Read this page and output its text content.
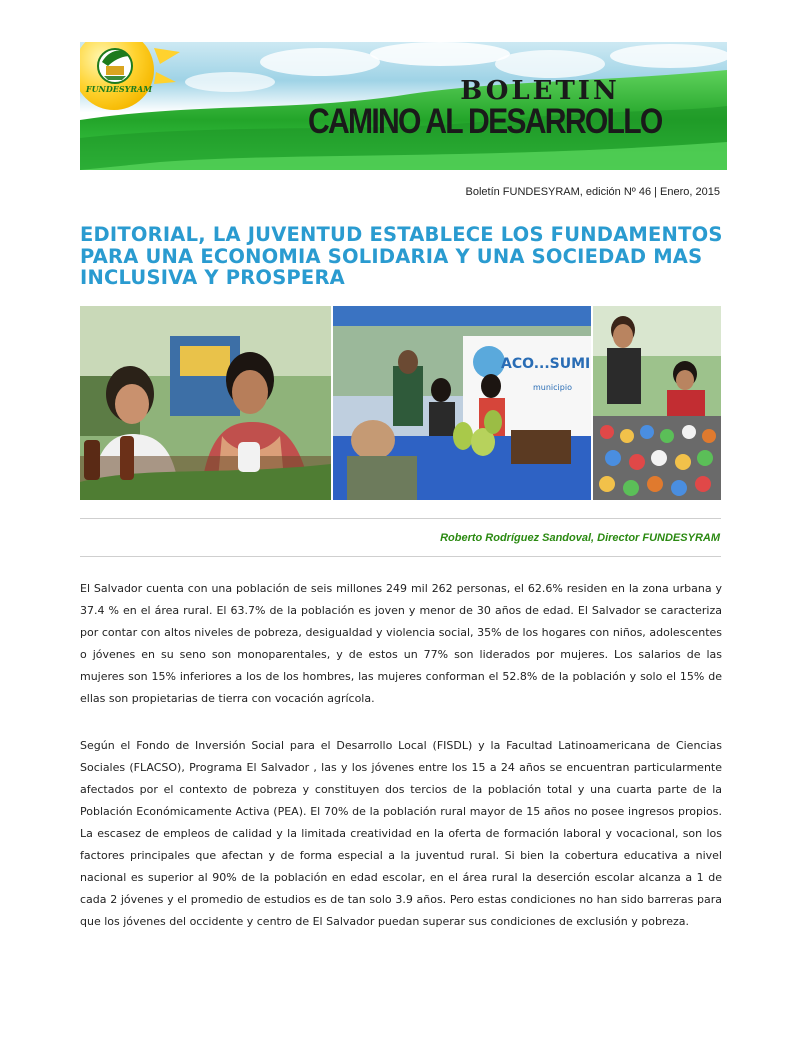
FUNDESYRAM	BOLETIN
CAMINO AL DESARROLLO
Boletín FUNDESYRAM, edición Nº 46 | Enero, 2015
EDITORIAL, LA JUVENTUD ESTABLECE LOS FUNDAMENTOS PARA UNA ECONOMIA SOLIDARIA Y UNA SOCIEDAD MAS INCLUSIVA Y PROSPERA
ACO...SUMI
municipio
Roberto Rodríguez Sandoval, Director FUNDESYRAM

El Salvador cuenta con una población de seis millones 249 mil 262 personas, el 62.6% residen en la zona urbana y 37.4 % en el área rural. El 63.7% de la población es joven y menor de 30 años de edad. El Salvador se caracteriza por contar con altos niveles de pobreza, desigualdad y violencia social, 35% de los hogares con niños, adolescentes o jóvenes en su seno son monoparentales, y de estos un 77% son liderados por mujeres. Los salarios de las mujeres son 15% inferiores a los de los hombres, las mujeres conforman el 52.8% de la población y solo el 15% de ellas son propietarias de tierra con vocación agrícola.

Según el Fondo de Inversión Social para el Desarrollo Local (FISDL) y la Facultad Latinoamericana de Ciencias Sociales (FLACSO), Programa El Salvador , las y los jóvenes entre los 15 a 24 años se encuentran particularmente afectados por el contexto de pobreza y constituyen dos tercios de la población total y una cuarta parte de la Población Económicamente Activa (PEA). El 70% de la población rural mayor de 15 años no posee ingresos propios. La escasez de empleos de calidad y la limitada creatividad en la oferta de formación laboral y vocacional, son los factores principales que afectan y de forma especial a la juventud rural. Si bien la cobertura educativa a nivel nacional es superior al 90% de la población en edad escolar, en el área rural la deserción escolar alcanza a 1 de cada 2 jóvenes y el promedio de estudios es de tan solo 3.9 años. Pero estas condiciones no han sido barreras para que los jóvenes del occidente y centro de El Salvador puedan superar sus condiciones de exclusión y pobreza.
